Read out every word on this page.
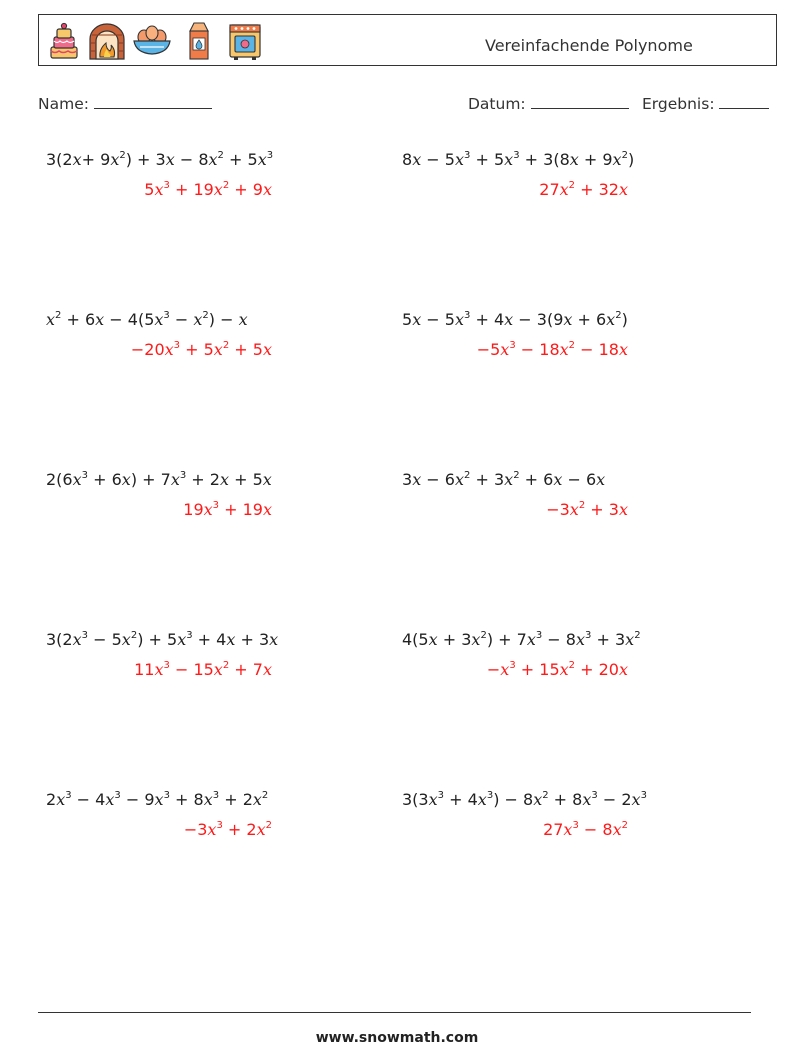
Vereinfachende Polynome
Name:	Datum:	Ergebnis:
$3(2x+ 9x^2) + 3x - 8x^2 + 5x^3$
$5x^3 + 19x^2 + 9x$
$8x - 5x^3 + 5x^3 + 3(8x + 9x^2)$
$27x^2 + 32x$
$x^2 + 6x - 4(5x^3 - x^2) - x$
$-20x^3 + 5x^2 + 5x$
$5x - 5x^3 + 4x - 3(9x + 6x^2)$
$-5x^3 - 18x^2 - 18x$
$2(6x^3 + 6x) + 7x^3 + 2x + 5x$
$19x^3 + 19x$
$3x - 6x^2 + 3x^2 + 6x - 6x$
$-3x^2 + 3x$
$3(2x^3 - 5x^2) + 5x^3 + 4x + 3x$
$11x^3 - 15x^2 + 7x$
$4(5x + 3x^2) + 7x^3 - 8x^3 + 3x^2$
$-x^3 + 15x^2 + 20x$
$2x^3 - 4x^3 - 9x^3 + 8x^3 + 2x^2$
$-3x^3 + 2x^2$
$3(3x^3 + 4x^3) - 8x^2 + 8x^3 - 2x^3$
$27x^3 - 8x^2$
www.snowmath.com
